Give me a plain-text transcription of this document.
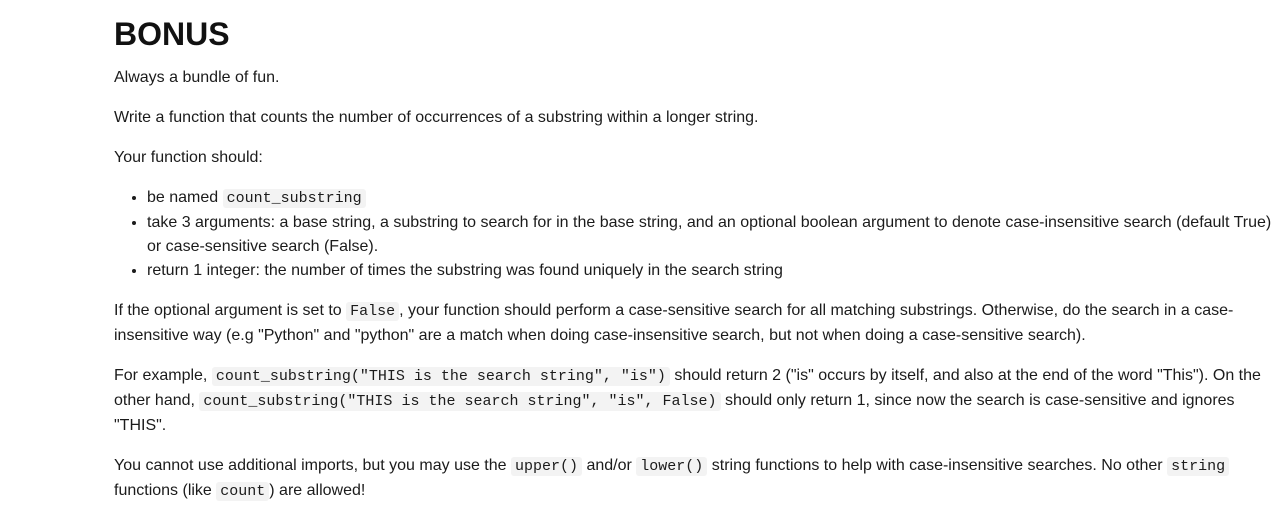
BONUS

Always a bundle of fun.

Write a function that counts the number of occurrences of a substring within a longer string.

Your function should:

• be named count_substring
• take 3 arguments: a base string, a substring to search for in the base string, and an optional boolean argument to denote case-insensitive search (default True) or case-sensitive search (False).
• return 1 integer: the number of times the substring was found uniquely in the search string

If the optional argument is set to False , your function should perform a case-sensitive search for all matching substrings. Otherwise, do the search in a case-insensitive way (e.g "Python" and "python" are a match when doing case-insensitive search, but not when doing a case-sensitive search).

For example, count_substring("THIS is the search string", "is") should return 2 ("is" occurs by itself, and also at the end of the word "This"). On the other hand, count_substring("THIS is the search string", "is", False) should only return 1, since now the search is case-sensitive and ignores "THIS".

You cannot use additional imports, but you may use the upper() and/or lower() string functions to help with case-insensitive searches. No other string functions (like count ) are allowed!
